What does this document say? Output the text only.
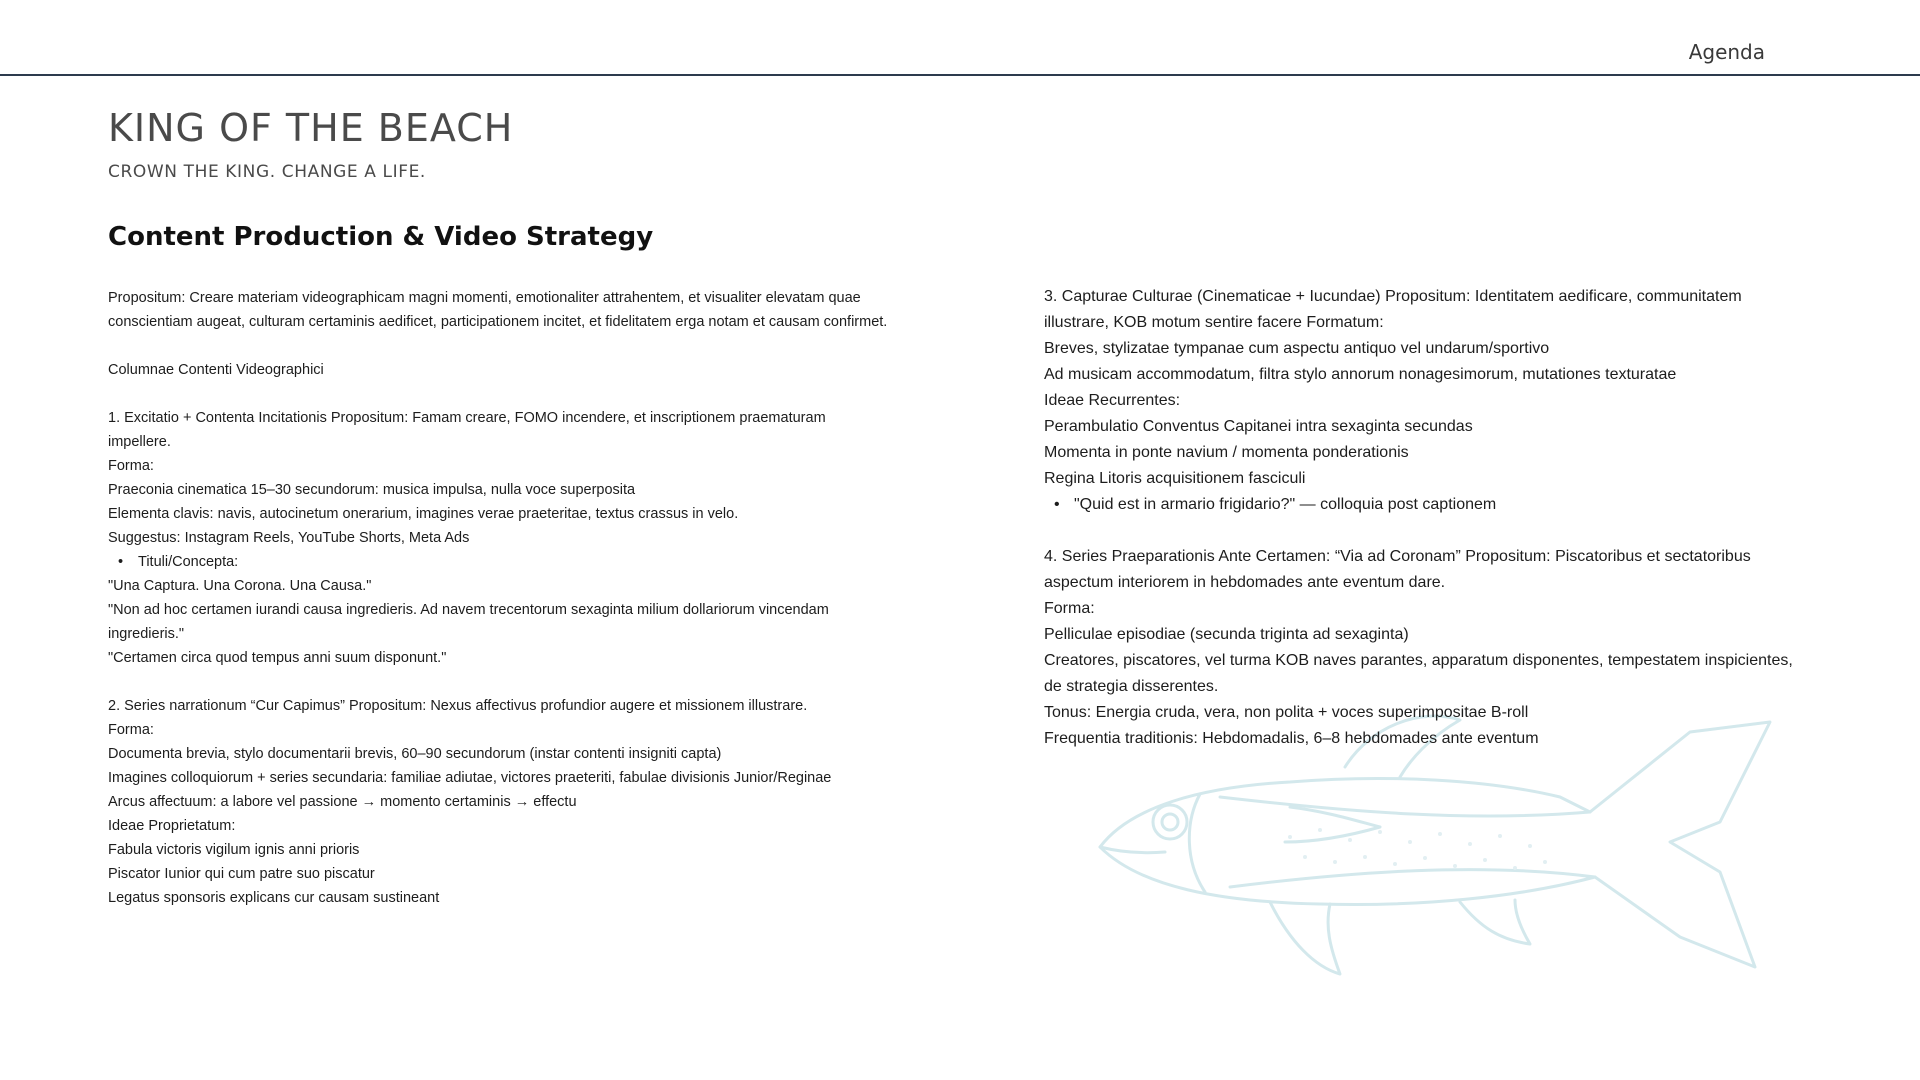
Agenda
KING OF THE BEACH

CROWN THE KING. CHANGE A LIFE.

Content Production & Video Strategy

Propositum: Creare materiam videographicam magni momenti, emotionaliter attrahentem, et visualiter elevatam quae conscientiam augeat, culturam certaminis aedificet, participationem incitet, et fidelitatem erga notam et causam confirmet.

Columnae Contenti Videographici

1. Excitatio + Contenta Incitationis Propositum: Famam creare, FOMO incendere, et inscriptionem praematuram impellere.

Forma:

Praeconia cinematica 15–30 secundorum: musica impulsa, nulla voce superposita

Elementa clavis: navis, autocinetum onerarium, imagines verae praeteritae, textus crassus in velo.

Suggestus: Instagram Reels, YouTube Shorts, Meta Ads

• Tituli/Concepta:

"Una Captura. Una Corona. Una Causa."

"Non ad hoc certamen iurandi causa ingredieris. Ad navem trecentorum sexaginta milium dollariorum vincendam ingredieris."

"Certamen circa quod tempus anni suum disponunt."

2. Series narrationum “Cur Capimus” Propositum: Nexus affectivus profundior augere et missionem illustrare.

Forma:

Documenta brevia, stylo documentarii brevis, 60–90 secundorum (instar contenti insigniti capta)

Imagines colloquiorum + series secundaria: familiae adiutae, victores praeteriti, fabulae divisionis Junior/Reginae

Arcus affectuum: a labore vel passione → momento certaminis → effectu

Ideae Proprietatum:

Fabula victoris vigilum ignis anni prioris

Piscator Iunior qui cum patre suo piscatur

Legatus sponsoris explicans cur causam sustineant

3. Capturae Culturae (Cinematicae + Iucundae) Propositum: Identitatem aedificare, communitatem illustrare, KOB motum sentire facere Formatum:

Breves, stylizatae tympanae cum aspectu antiquo vel undarum/sportivo

Ad musicam accommodatum, filtra stylo annorum nonagesimorum, mutationes texturatae

Ideae Recurrentes:

Perambulatio Conventus Capitanei intra sexaginta secundas

Momenta in ponte navium / momenta ponderationis

Regina Litoris acquisitionem fasciculi

• "Quid est in armario frigidario?" — colloquia post captionem

4. Series Praeparationis Ante Certamen: “Via ad Coronam” Propositum: Piscatoribus et sectatoribus aspectum interiorem in hebdomades ante eventum dare.

Forma:

Pelliculae episodiae (secunda triginta ad sexaginta)

Creatores, piscatores, vel turma KOB naves parantes, apparatum disponentes, tempestatem inspicientes, de strategia disserentes.

Tonus: Energia cruda, vera, non polita + voces superimpositae B-roll

Frequentia traditionis: Hebdomadalis, 6–8 hebdomades ante eventum
